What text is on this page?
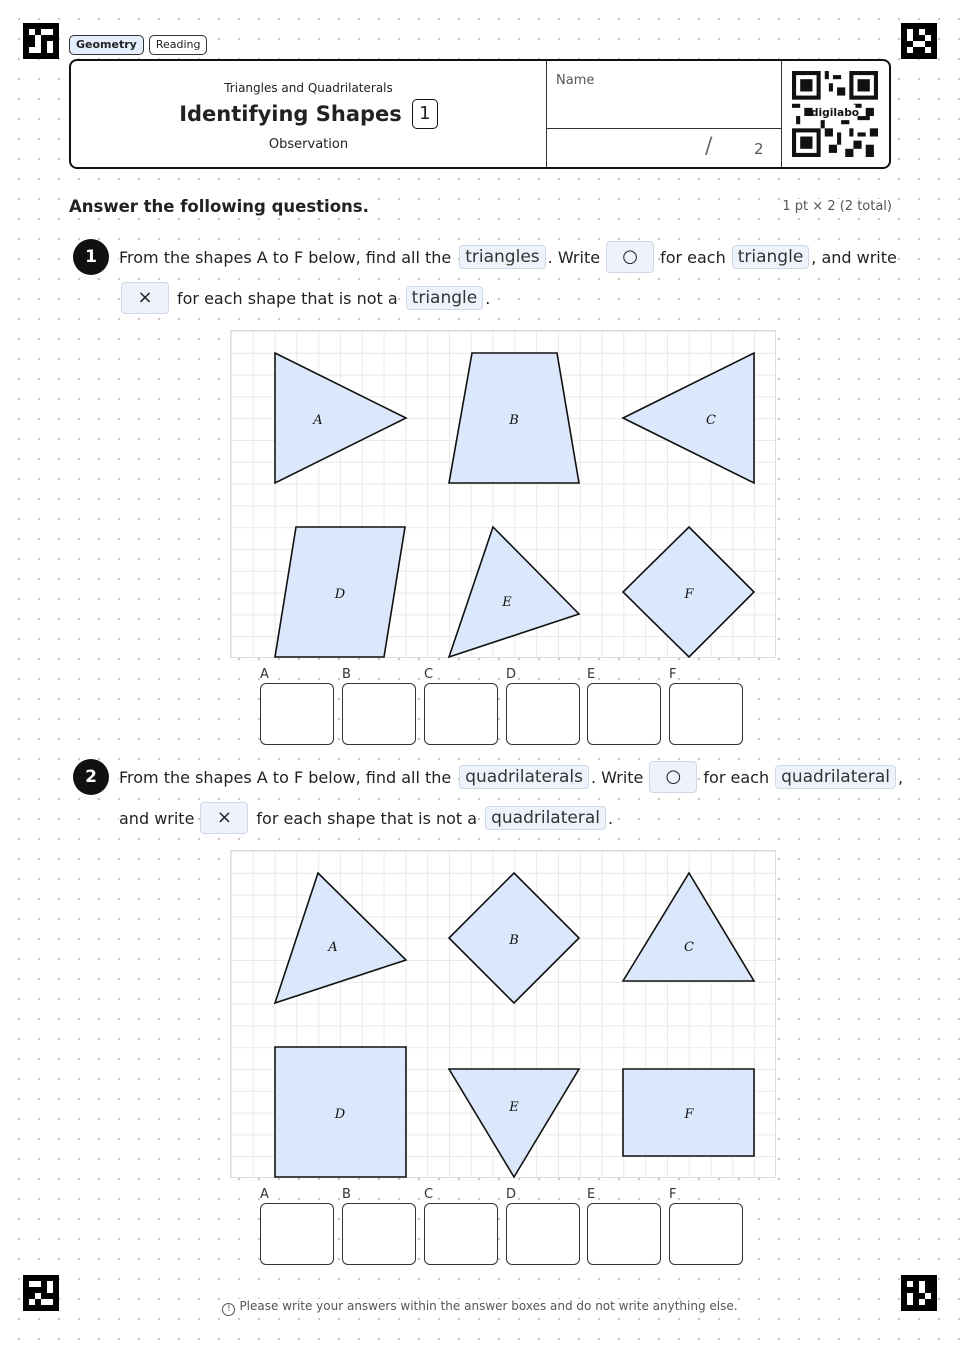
Geometry	Reading
Triangles and Quadrilaterals
Identifying Shapes 1
Observation
Name
/	2
digilabo
Answer the following questions.	1 pt × 2 (2 total)
1	From the shapes A to F below, find all the triangles . Write	○	for each triangle , and write
×	for each shape that is not a triangle .
A	B	C
D
E
F
A	B	C	D	E	F
2	From the shapes A to F below, find all the quadrilaterals . Write	○	for each quadrilateral ,
and write	×	for each shape that is not a quadrilateral .
A	B	C
D	E	F
A	B	C	D	E	F
! Please write your answers within the answer boxes and do not write anything else.
